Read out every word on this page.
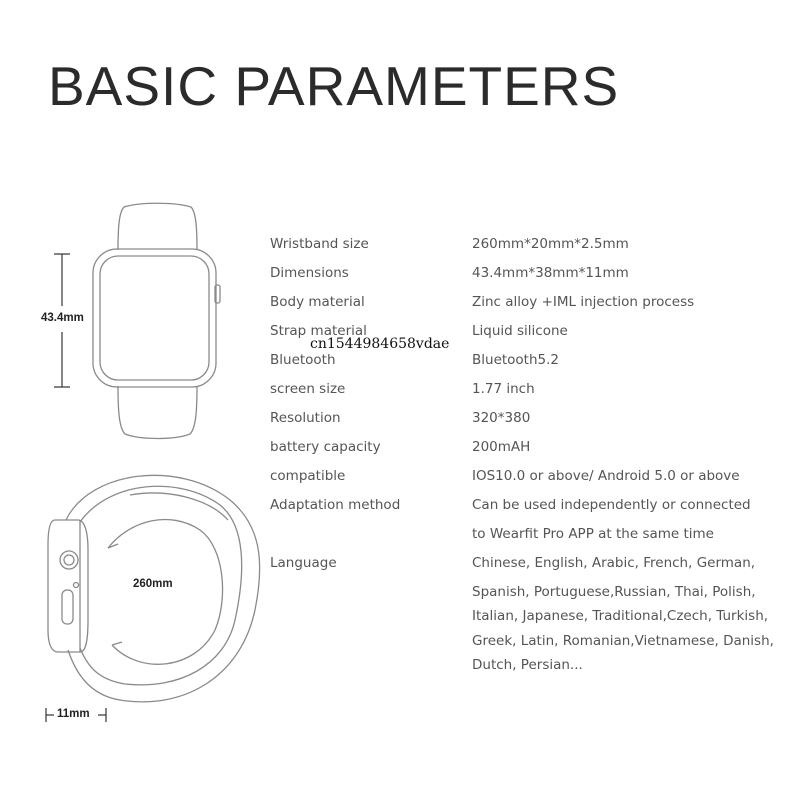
BASIC PARAMETERS
43.4mm
260mm
11mm
Wristband size	260mm*20mm*2.5mm
Dimensions	43.4mm*38mm*11mm
Body material	Zinc alloy +IML injection process
Strap material	Liquid silicone
Bluetooth	Bluetooth5.2
screen size	1.77 inch
Resolution	320*380
battery capacity	200mAH
compatible	IOS10.0 or above/ Android 5.0 or above
Adaptation method	Can be used independently or connected
to Wearfit Pro APP at the same time
Language	Chinese, English, Arabic, French, German,
Spanish, Portuguese,Russian, Thai, Polish,
Italian, Japanese, Traditional,Czech, Turkish,
Greek, Latin, Romanian,Vietnamese, Danish,
Dutch, Persian...
cn1544984658vdae
